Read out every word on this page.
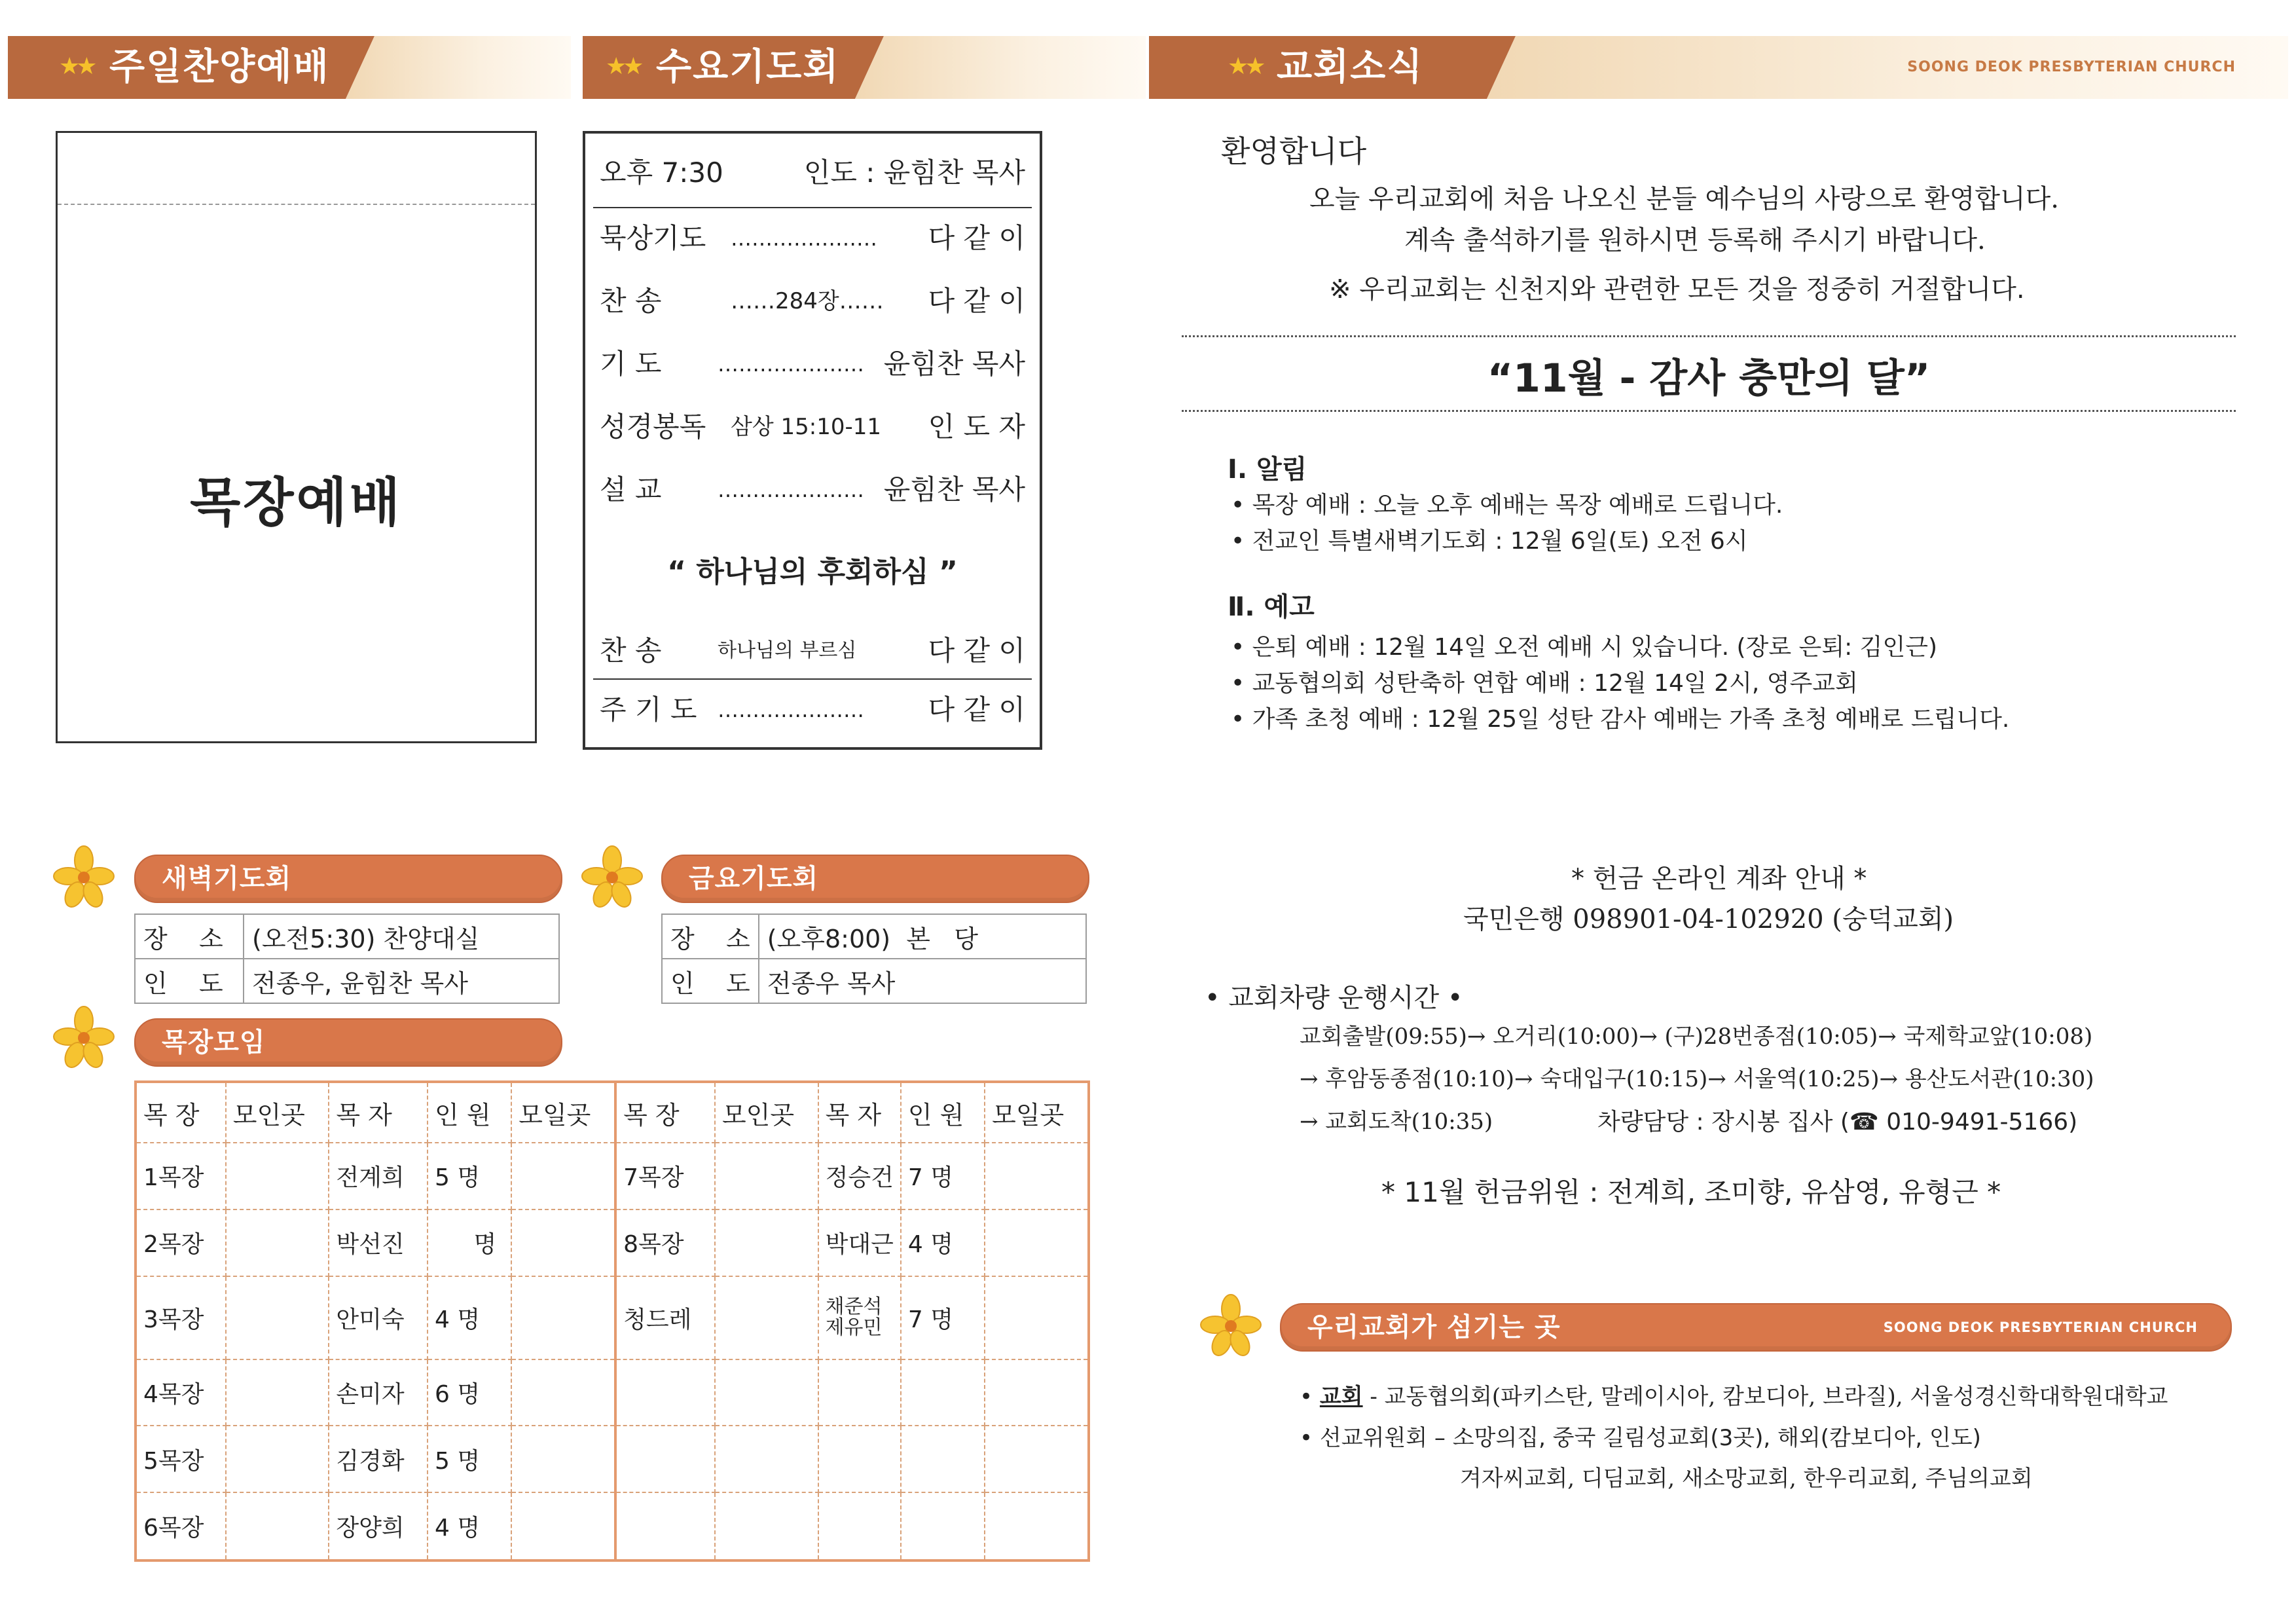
★★ 주일찬양예배	★★ 수요기도회	★★ 교회소식	SOONG DEOK PRESBYTERIAN CHURCH
목장예배
오후 7:30	인도 : 윤힘찬 목사
묵상기도 ………………… 다 같 이
찬 송	……284장…… 다 같 이
기 도	………………… 윤힘찬 목사
성경봉독 삼상 15:10-11 인 도 자
설 교	………………… 윤힘찬 목사
“ 하나님의 후회하심 ”
찬 송	하나님의 부르심	다 같 이
주 기 도 ………………… 다 같 이
새벽기도회	금요기도회
목장모임
우리교회가 섬기는 곳	SOONG DEOK PRESBYTERIAN CHURCH
장    소	(오전5:30) 찬양대실
인    도	전종우, 윤힘찬 목사
장    소	(오후8:00)  본   당
인    도	전종우 목사
목 장	모인곳	목 자	인 원	모일곳	목 장	모인곳	목 자	인 원	모일곳
1목장		전계희	5 명		7목장		정승건	7 명	
2목장		박선진	명		8목장		박대근	4 명	
3목장		안미숙	4 명		청드레		채준석 제유민	7 명	
4목장		손미자	6 명						
5목장		김경화	5 명						
6목장		장양희	4 명						
환영합니다
오늘 우리교회에 처음 나오신 분들 예수님의 사랑으로 환영합니다.
계속 출석하기를 원하시면 등록해 주시기 바랍니다.
※ 우리교회는 신천지와 관련한 모든 것을 정중히 거절합니다.
“11월 - 감사 충만의 달”
Ⅰ. 알림
• 목장 예배 : 오늘 오후 예배는 목장 예배로 드립니다.
• 전교인 특별새벽기도회 : 12월 6일(토) 오전 6시
Ⅱ. 예고
• 은퇴 예배 : 12월 14일 오전 예배 시 있습니다. (장로 은퇴: 김인근)
• 교동협의회 성탄축하 연합 예배 : 12월 14일 2시, 영주교회
• 가족 초청 예배 : 12월 25일 성탄 감사 예배는 가족 초청 예배로 드립니다.
* 헌금 온라인 계좌 안내 *
국민은행 098901-04-102920 (숭덕교회)
• 교회차량 운행시간 •
교회출발(09:55)→ 오거리(10:00)→ (구)28번종점(10:05)→ 국제학교앞(10:08)
→ 후암동종점(10:10)→ 숙대입구(10:15)→ 서울역(10:25)→ 용산도서관(10:30)
→ 교회도착(10:35)	차량담당 : 장시봉 집사 (☎ 010-9491-5166)
* 11월 헌금위원 : 전계희, 조미향, 유삼영, 유형근 *
• 교회 - 교동협의회(파키스탄, 말레이시아, 캄보디아, 브라질), 서울성경신학대학원대학교
• 선교위원회 – 소망의집, 중국 길림성교회(3곳), 해외(캄보디아, 인도)
겨자씨교회, 디딤교회, 새소망교회, 한우리교회, 주님의교회
